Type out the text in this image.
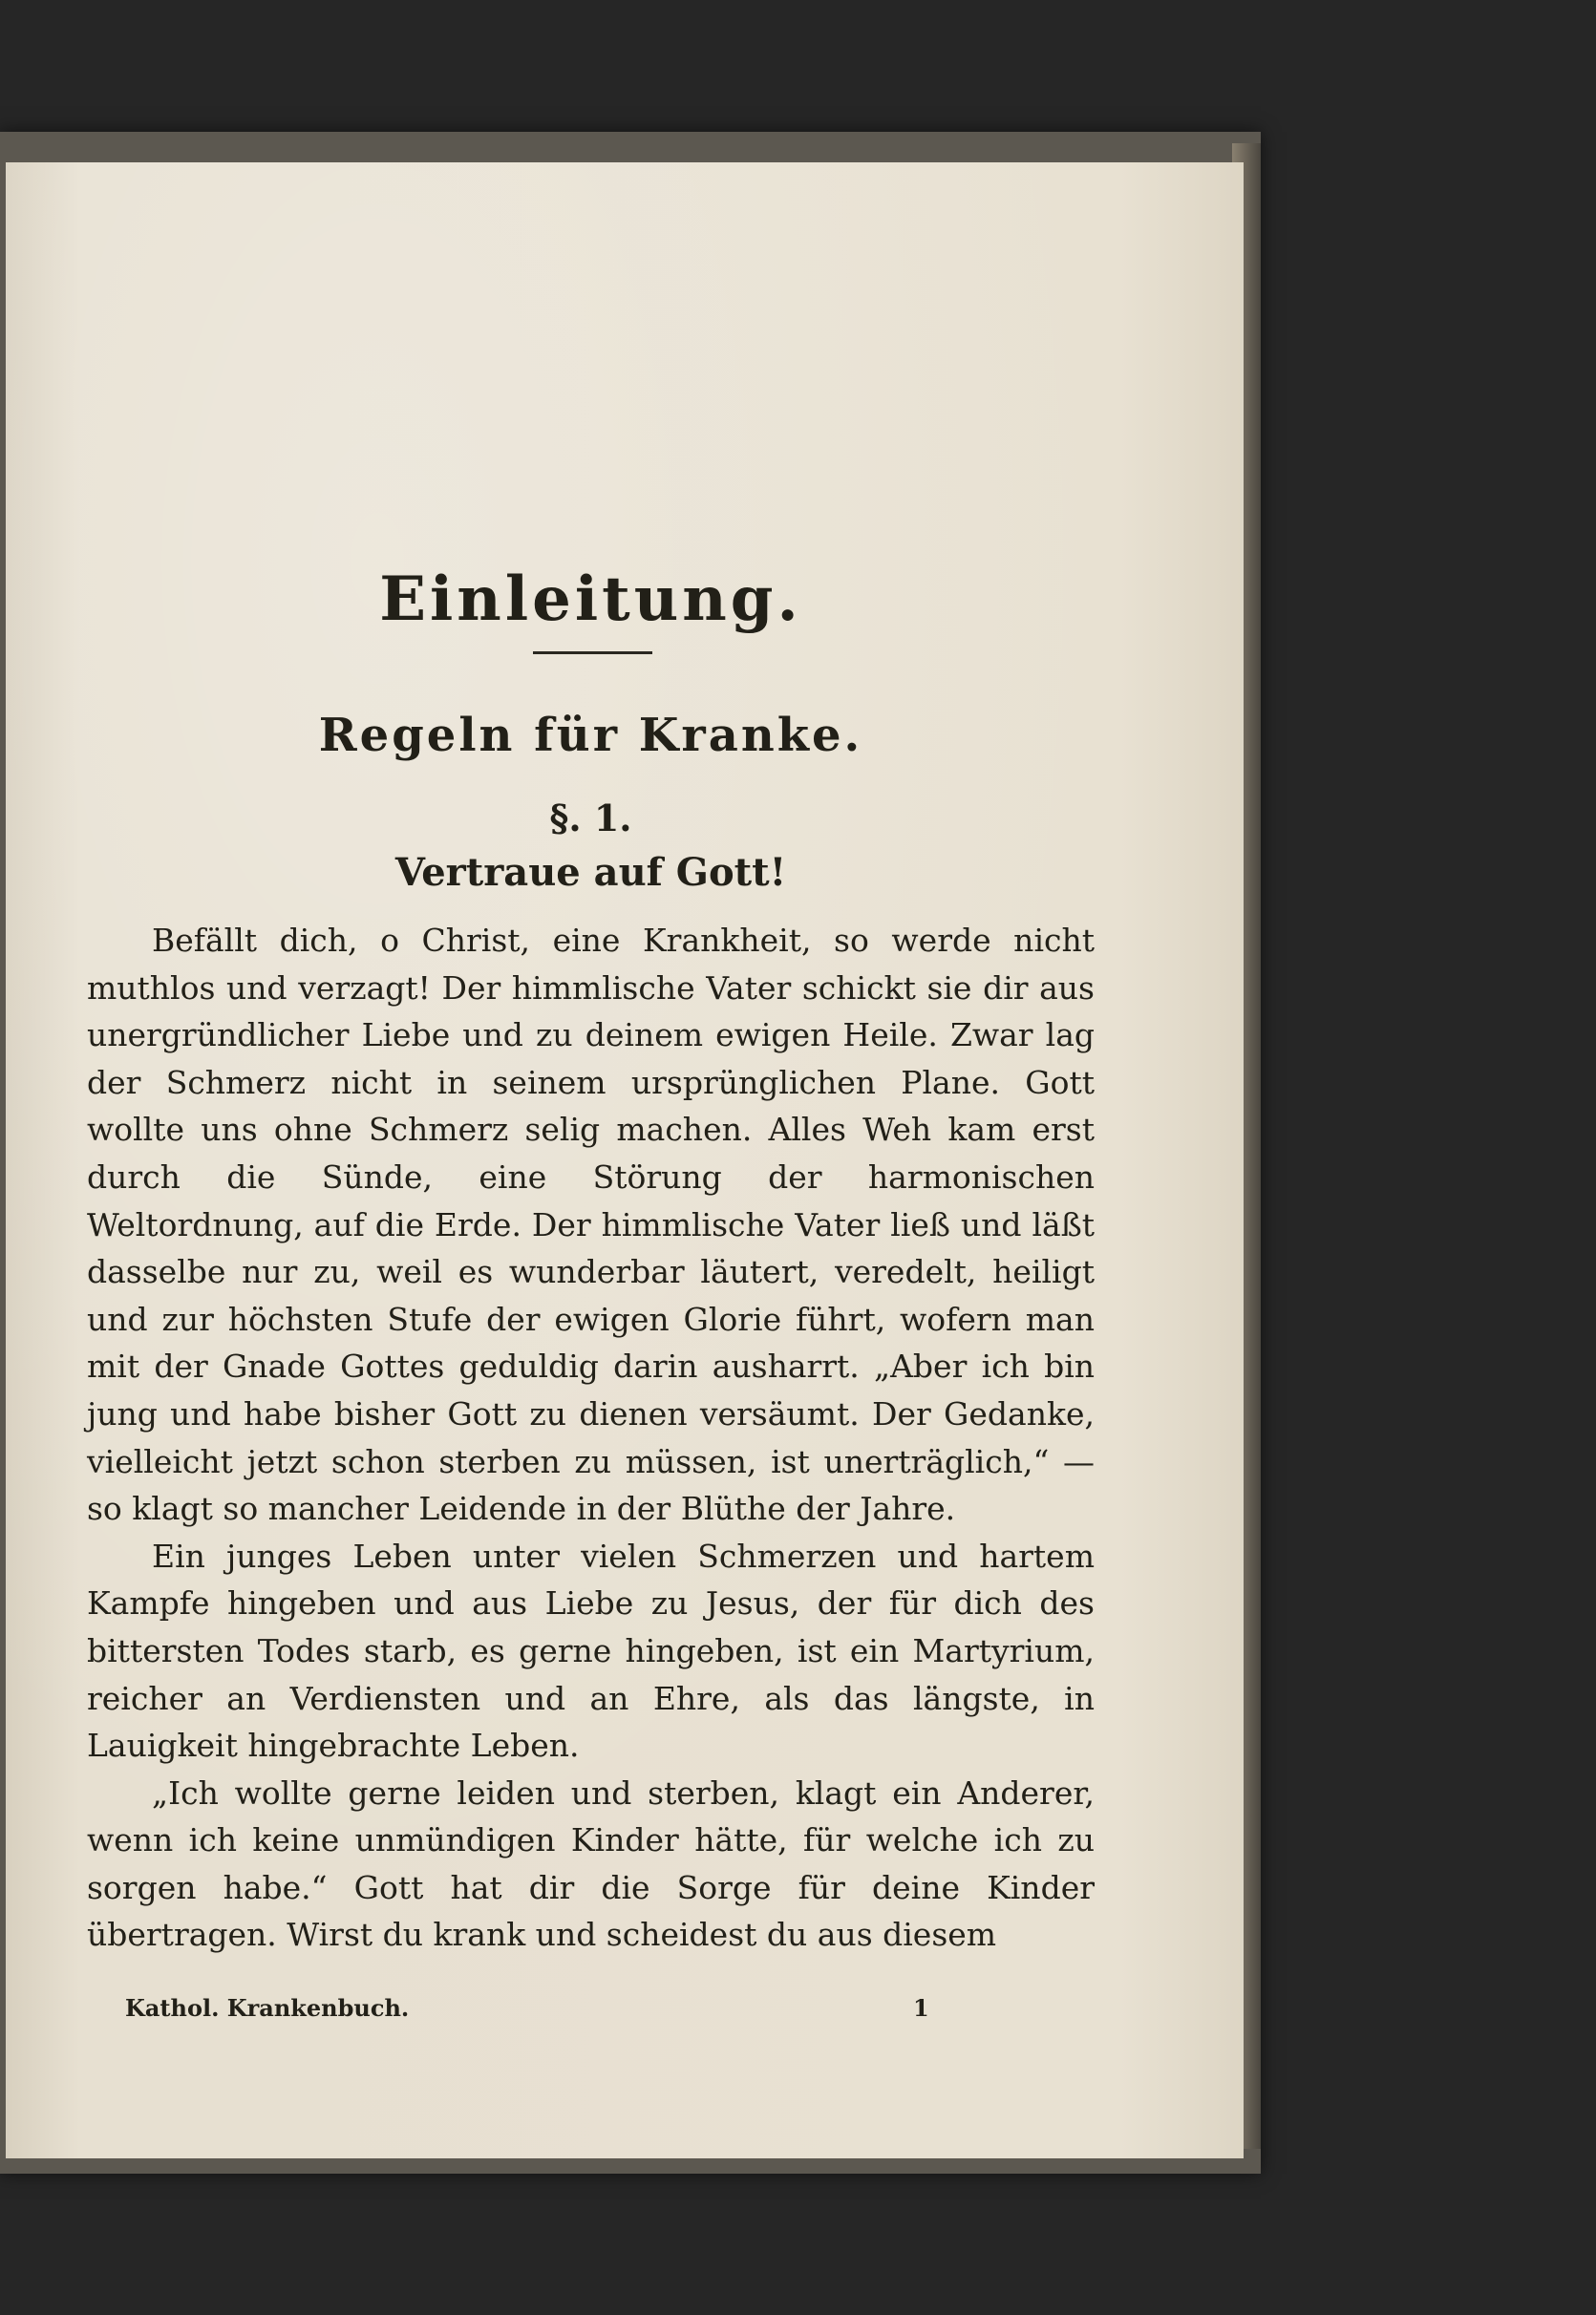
Einleitung.
Regeln für Kranke.
§. 1.
Vertraue auf Gott!

Befällt dich, o Christ, eine Krankheit, so werde nicht muthlos und verzagt! Der himmlische Vater schickt sie dir aus unergründlicher Liebe und zu deinem ewigen Heile. Zwar lag der Schmerz nicht in seinem ursprünglichen Plane. Gott wollte uns ohne Schmerz selig machen. Alles Weh kam erst durch die Sünde, eine Störung der harmonischen Weltordnung, auf die Erde. Der himmlische Vater ließ und läßt dasselbe nur zu, weil es wunderbar läutert, veredelt, heiligt und zur höchsten Stufe der ewigen Glorie führt, wofern man mit der Gnade Gottes geduldig darin ausharrt. „Aber ich bin jung und habe bisher Gott zu dienen versäumt. Der Gedanke, vielleicht jetzt schon sterben zu müssen, ist unerträglich,“ — so klagt so mancher Leidende in der Blüthe der Jahre.

Ein junges Leben unter vielen Schmerzen und hartem Kampfe hingeben und aus Liebe zu Jesus, der für dich des bittersten Todes starb, es gerne hingeben, ist ein Martyrium, reicher an Verdiensten und an Ehre, als das längste, in Lauigkeit hingebrachte Leben.

„Ich wollte gerne leiden und sterben, klagt ein Anderer, wenn ich keine unmündigen Kinder hätte, für welche ich zu sorgen habe.“ Gott hat dir die Sorge für deine Kinder übertragen. Wirst du krank und scheidest du aus diesem

Kathol. Krankenbuch.	1
